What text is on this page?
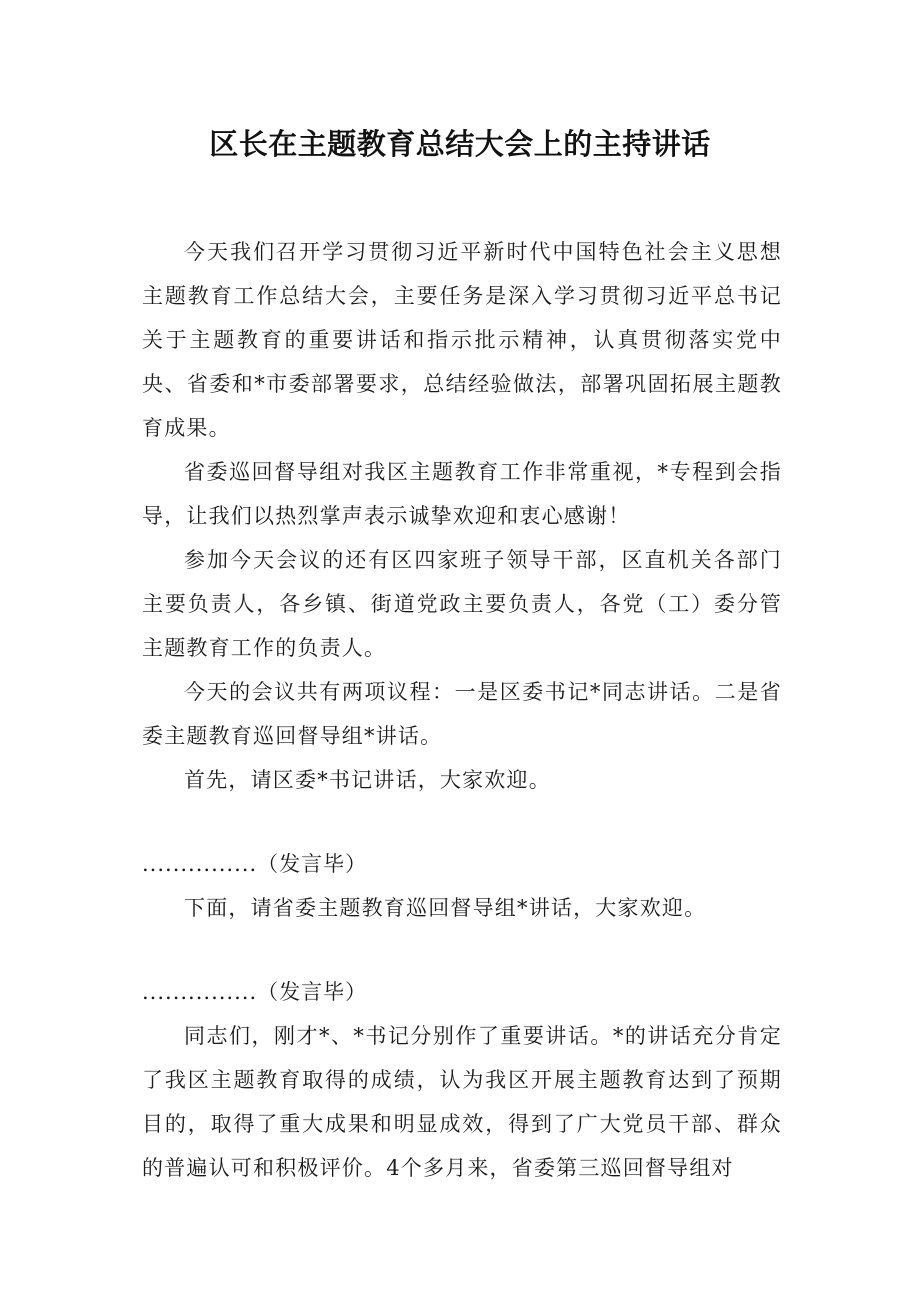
区长在主题教育总结大会上的主持讲话

今天我们召开学习贯彻习近平新时代中国特色社会主义思想主题教育工作总结大会，主要任务是深入学习贯彻习近平总书记关于主题教育的重要讲话和指示批示精神，认真贯彻落实党中央、省委和*市委部署要求，总结经验做法，部署巩固拓展主题教育成果。

省委巡回督导组对我区主题教育工作非常重视，*专程到会指导，让我们以热烈掌声表示诚挚欢迎和衷心感谢！

参加今天会议的还有区四家班子领导干部，区直机关各部门主要负责人，各乡镇、街道党政主要负责人，各党（工）委分管主题教育工作的负责人。

今天的会议共有两项议程：一是区委书记*同志讲话。二是省委主题教育巡回督导组*讲话。

首先，请区委*书记讲话，大家欢迎。

...............（发言毕）

下面，请省委主题教育巡回督导组*讲话，大家欢迎。

...............（发言毕）

同志们，刚才*、*书记分别作了重要讲话。*的讲话充分肯定了我区主题教育取得的成绩，认为我区开展主题教育达到了预期目的，取得了重大成果和明显成效，得到了广大党员干部、群众的普遍认可和积极评价。4个多月来，省委第三巡回督导组对
